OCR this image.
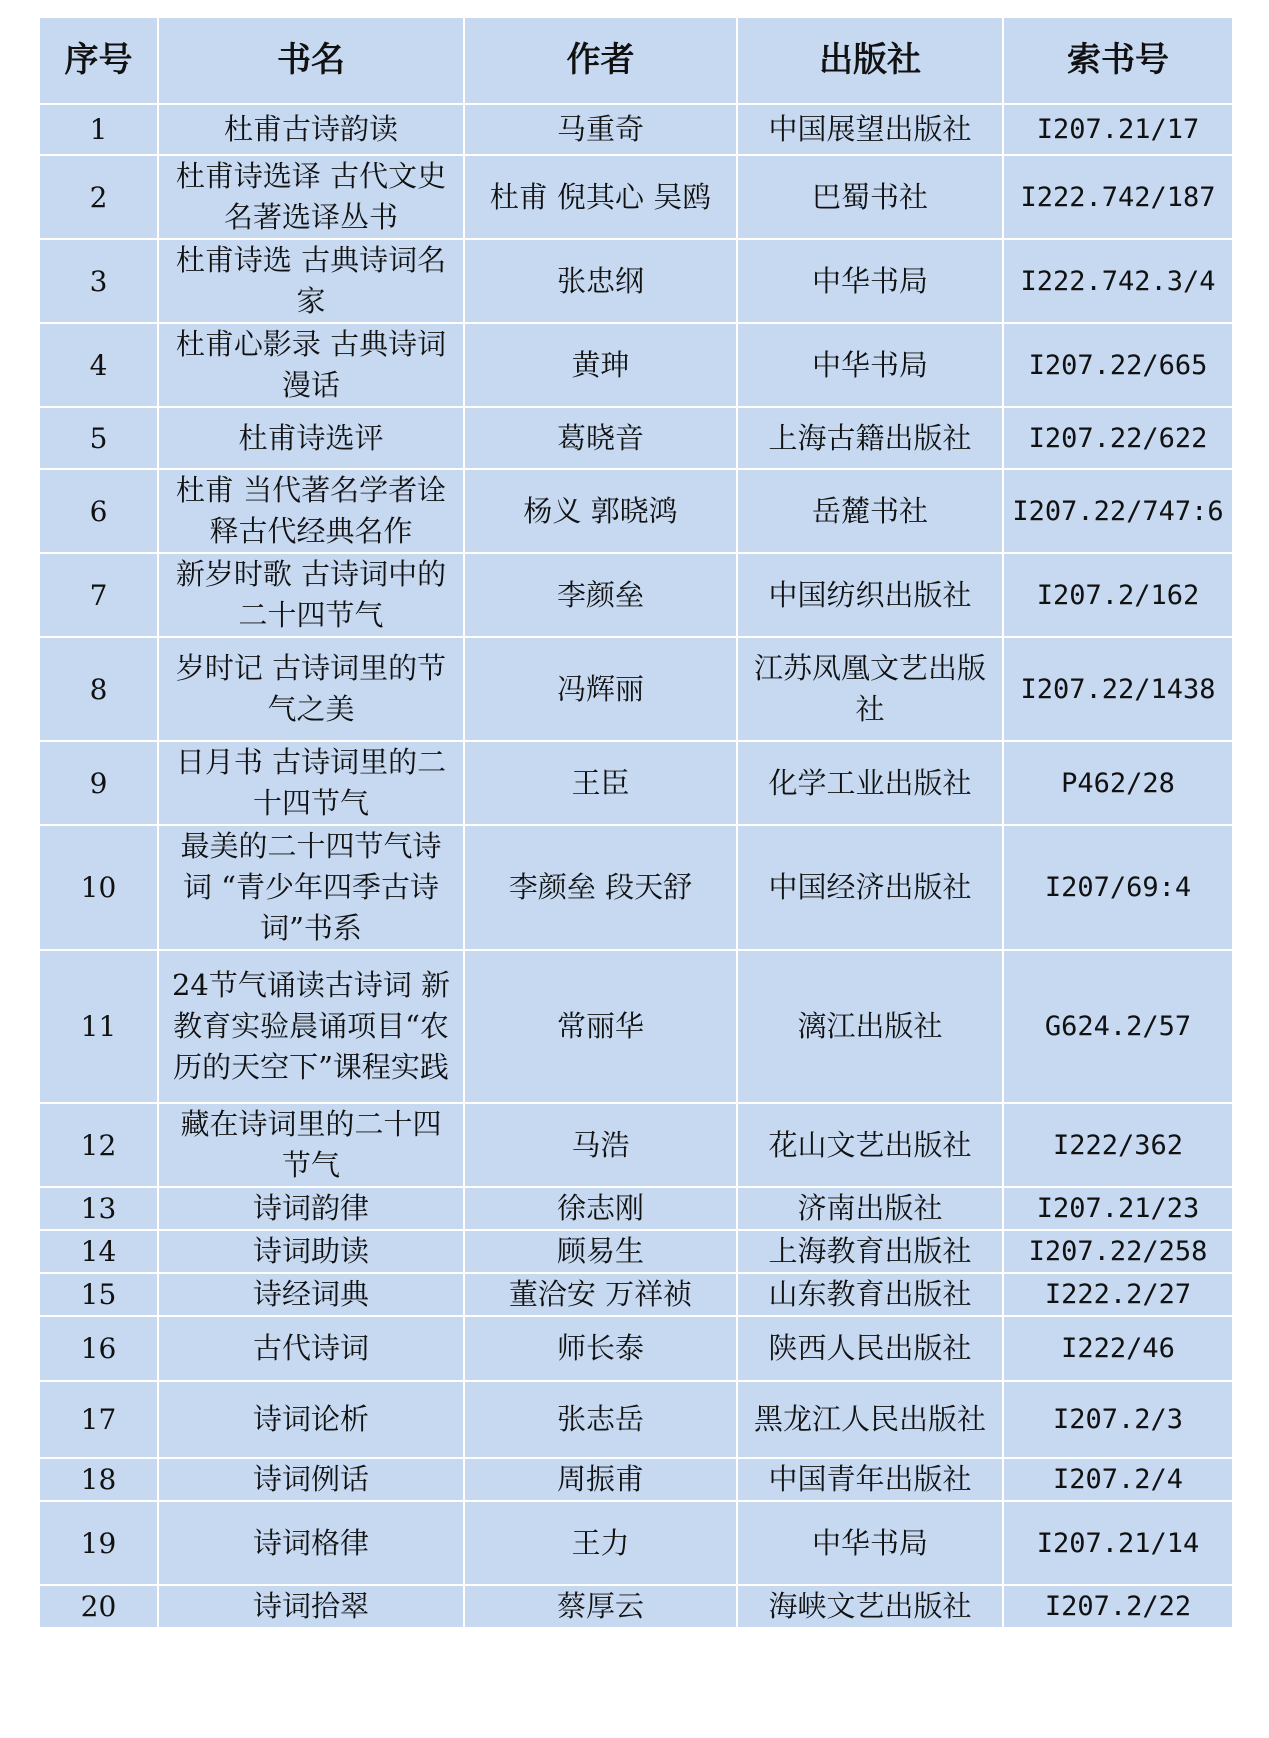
序号	书名	作者	出版社	索书号
1	杜甫古诗韵读	马重奇	中国展望出版社	I207.21/17
2	杜甫诗选译 古代文史名著选译丛书	杜甫 倪其心 吴鸥	巴蜀书社	I222.742/187
3	杜甫诗选 古典诗词名家	张忠纲	中华书局	I222.742.3/4
4	杜甫心影录 古典诗词漫话	黄珅	中华书局	I207.22/665
5	杜甫诗选评	葛晓音	上海古籍出版社	I207.22/622
6	杜甫 当代著名学者诠释古代经典名作	杨义 郭晓鸿	岳麓书社	I207.22/747:6
7	新岁时歌 古诗词中的二十四节气	李颜垒	中国纺织出版社	I207.2/162
8	岁时记 古诗词里的节气之美	冯辉丽	江苏凤凰文艺出版社	I207.22/1438
9	日月书 古诗词里的二十四节气	王臣	化学工业出版社	P462/28
10	最美的二十四节气诗词 “青少年四季古诗词”书系	李颜垒 段天舒	中国经济出版社	I207/69:4
11	24节气诵读古诗词 新教育实验晨诵项目“农历的天空下”课程实践	常丽华	漓江出版社	G624.2/57
12	藏在诗词里的二十四节气	马浩	花山文艺出版社	I222/362
13	诗词韵律	徐志刚	济南出版社	I207.21/23
14	诗词助读	顾易生	上海教育出版社	I207.22/258
15	诗经词典	董洽安 万祥祯	山东教育出版社	I222.2/27
16	古代诗词	师长泰	陕西人民出版社	I222/46
17	诗词论析	张志岳	黑龙江人民出版社	I207.2/3
18	诗词例话	周振甫	中国青年出版社	I207.2/4
19	诗词格律	王力	中华书局	I207.21/14
20	诗词拾翠	蔡厚云	海峡文艺出版社	I207.2/22
